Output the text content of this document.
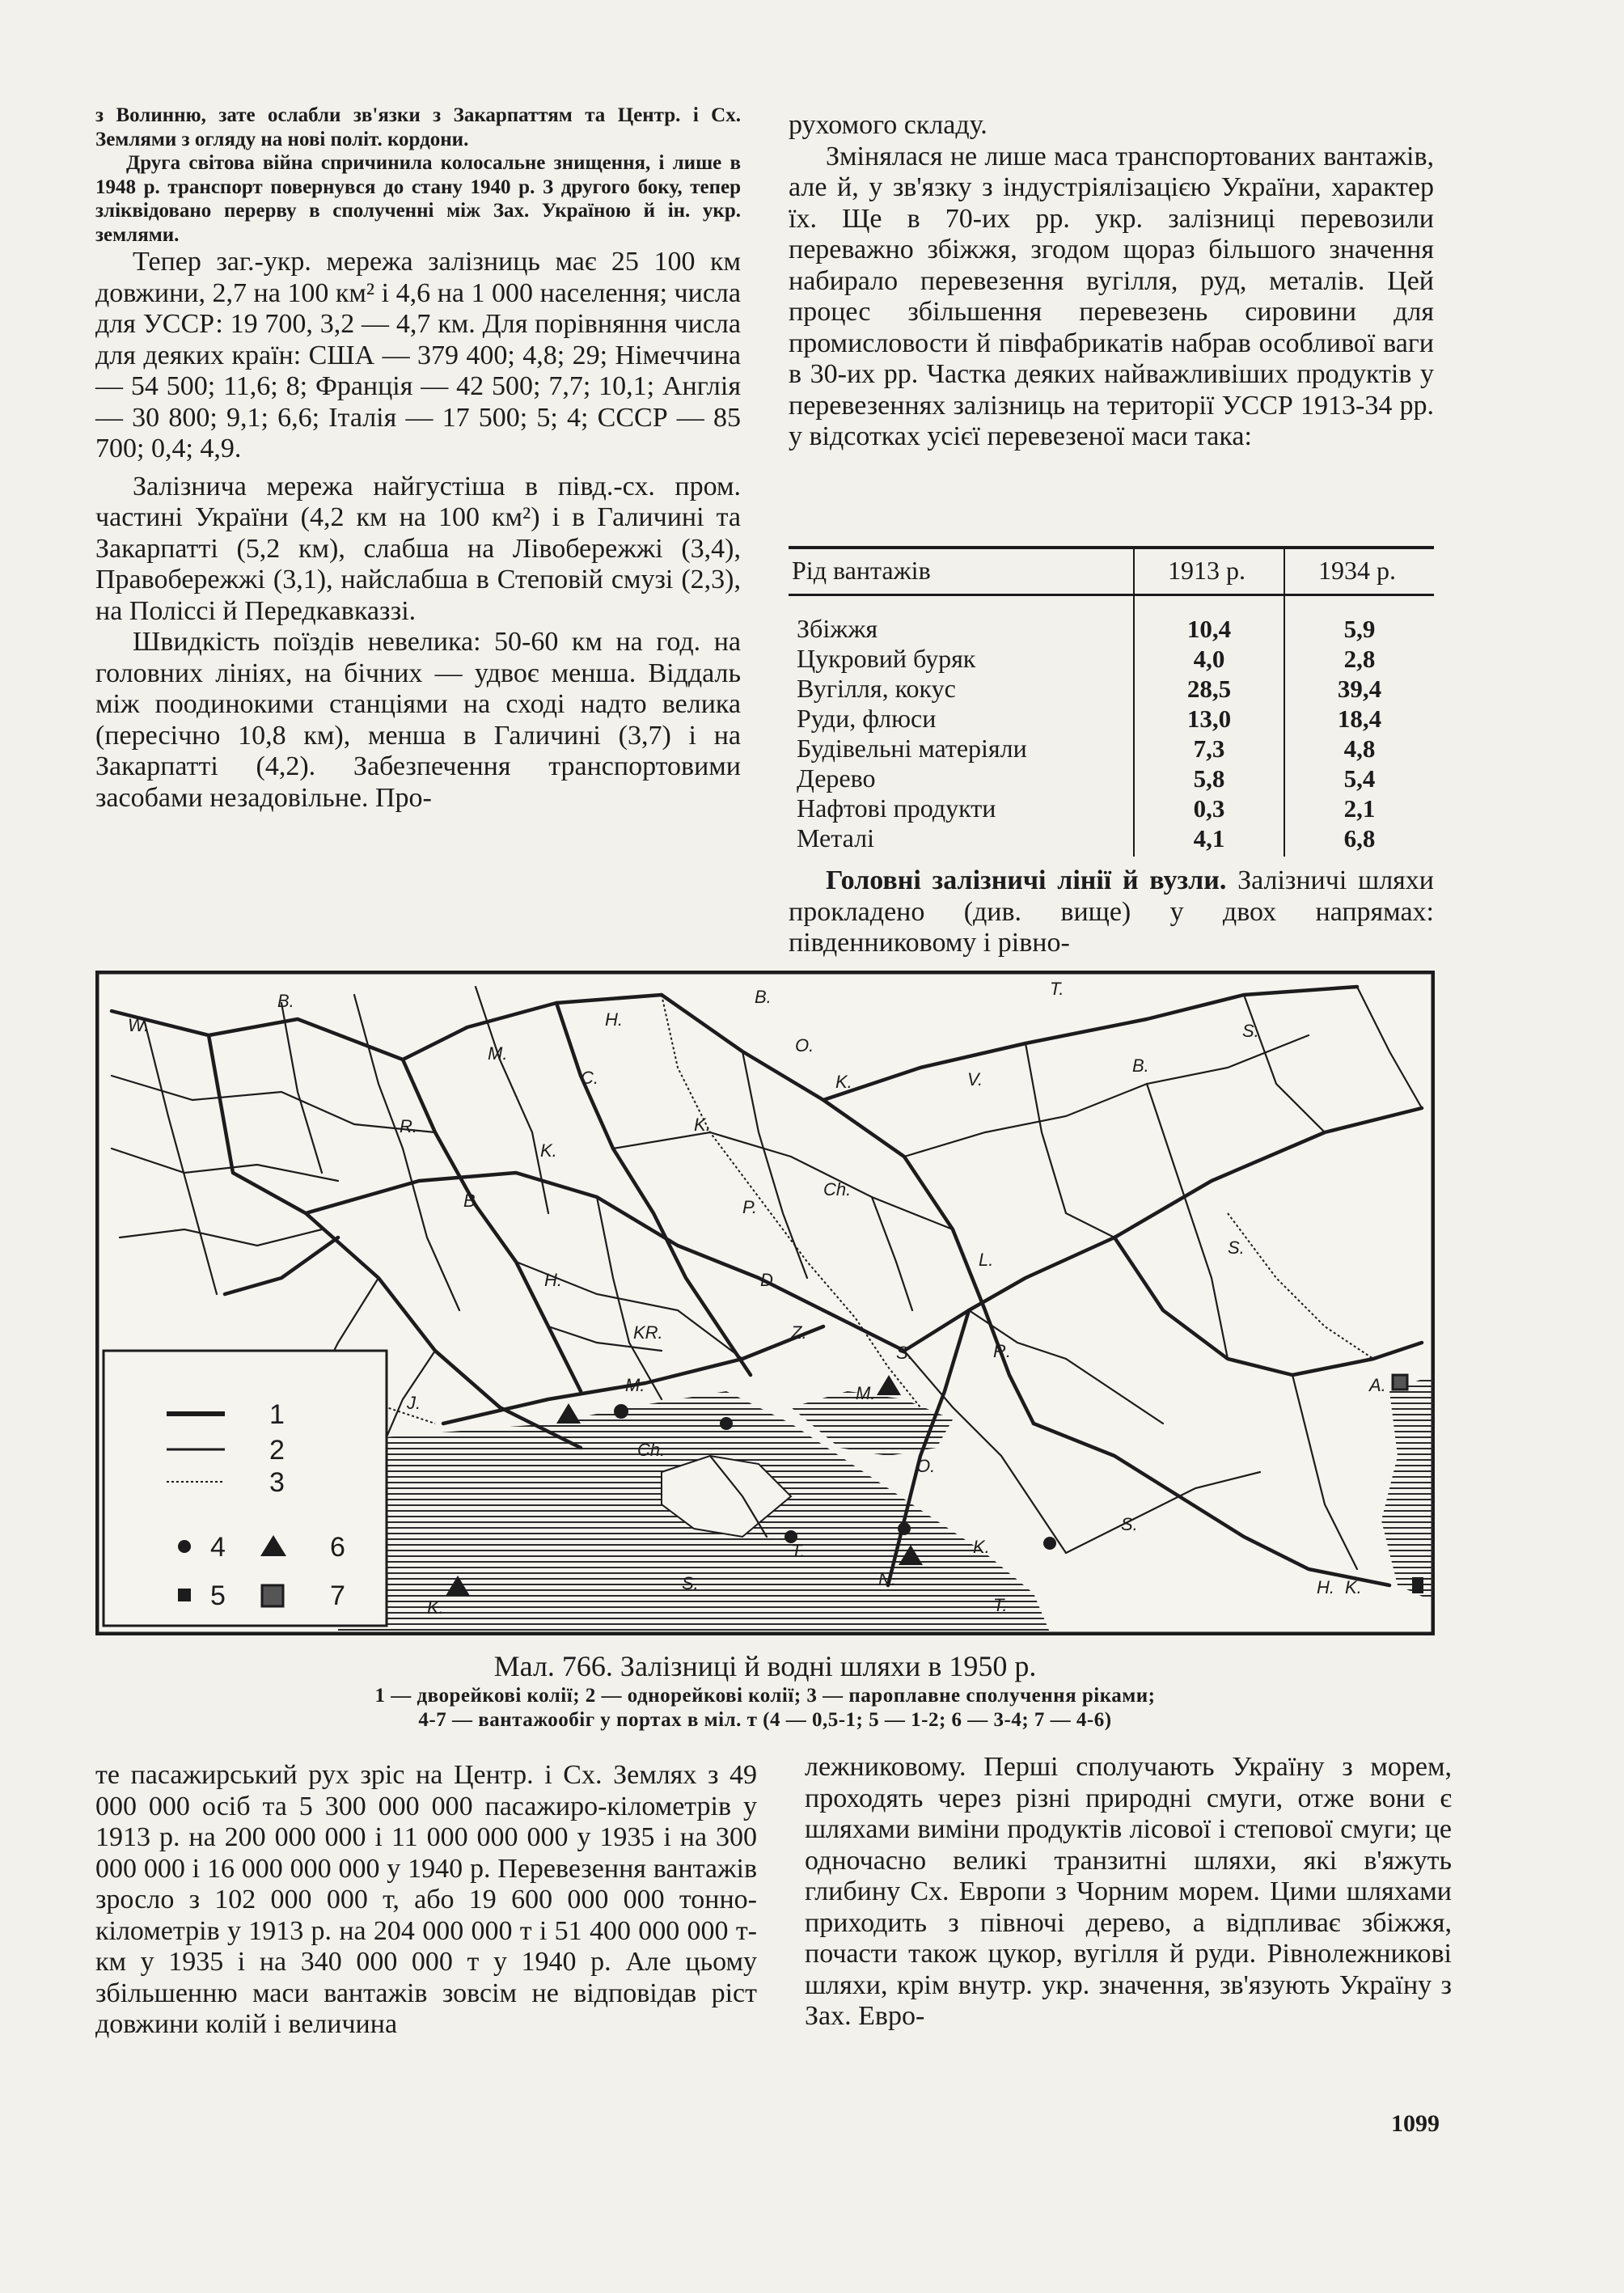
з Волинню, зате ослабли зв'язки з Закарпаттям та Центр. і Сх. Землями з огляду на нові політ. кордони.

Друга світова війна спричинила колосальне знищення, і лише в 1948 р. транспорт повернувся до стану 1940 р. З другого боку, тепер зліквідовано перерву в сполученні між Зах. Україною й ін. укр. землями.

Тепер заг.-укр. мережа залізниць має 25 100 км довжини, 2,7 на 100 км² і 4,6 на 1 000 населення; числа для УССР: 19 700, 3,2 — 4,7 км. Для порівняння числа для деяких країн: США — 379 400; 4,8; 29; Німеччина — 54 500; 11,6; 8; Франція — 42 500; 7,7; 10,1; Англія — 30 800; 9,1; 6,6; Італія — 17 500; 5; 4; СССР — 85 700; 0,4; 4,9.

Залізнича мережа найгустіша в півд.-сх. пром. частині України (4,2 км на 100 км²) і в Галичині та Закарпатті (5,2 км), слабша на Лівобережжі (3,4), Правобережжі (3,1), найслабша в Степовій смузі (2,3), на Поліссі й Передкавказзі.

Швидкість поїздів невелика: 50-60 км на год. на головних лініях, на бічних — удвоє менша. Віддаль між поодинокими станціями на сході надто велика (пересічно 10,8 км), менша в Галичині (3,7) і на Закарпатті (4,2). Забезпечення транспортовими засобами незадовільне. Про-

рухомого складу.

Змінялася не лише маса транспортованих вантажів, але й, у зв'язку з індустріялізацією України, характер їх. Ще в 70-их рр. укр. залізниці перевозили переважно збіжжя, згодом щораз більшого значення набирало перевезення вугілля, руд, металів. Цей процес збільшення перевезень сировини для промисловости й півфабрикатів набрав особливої ваги в 30-их рр. Частка деяких найважливіших продуктів у перевезеннях залізниць на території УССР 1913-34 рр. у відсотках усієї перевезеної маси така:

Рід вантажів	1913 р.	1934 р.
Збіжжя	10,4	5,9
Цукровий буряк	4,0	2,8
Вугілля, кокус	28,5	39,4
Руди, флюси	13,0	18,4
Будівельні матеріяли	7,3	4,8
Дерево	5,8	5,4
Нафтові продукти	0,3	2,1
Металі	4,1	6,8

Головні залізничі лінії й вузли. Залізничі шляхи прокладено (див. вище) у двох напрямах: південниковому і рівно-

B.
W.	H.
B.
O.
T.
S.
M.
C.	K.	V.
B.
R.	K.
K.
B.	P.
Ch.
S.
H.	D.
L.
KR.	Z.
S.	R.
M.
J.
Ch.
A.
M.
S.
O.
K.
T.
N.
S.	H. K.
K.	T.
1
2
3
4	6
5	7
Мал. 766. Залізниці й водні шляхи в 1950 р.
1 — дворейкові колії; 2 — однорейкові колії; 3 — пароплавне сполучення ріками;
4-7 — вантажообіг у портах в міл. т (4 — 0,5-1; 5 — 1-2; 6 — 3-4; 7 — 4-6)

те пасажирський рух зріс на Центр. і Сх. Землях з 49 000 000 осіб та 5 300 000 000 пасажиро-кілометрів у 1913 р. на 200 000 000 і 11 000 000 000 у 1935 і на 300 000 000 і 16 000 000 000 у 1940 р. Перевезення вантажів зросло з 102 000 000 т, або 19 600 000 000 тонно-кілометрів у 1913 р. на 204 000 000 т і 51 400 000 000 т-км у 1935 і на 340 000 000 т у 1940 р. Але цьому збільшенню маси вантажів зовсім не відповідав ріст довжини колій і величина

лежниковому. Перші сполучають Україну з морем, проходять через різні природні смуги, отже вони є шляхами виміни продуктів лісової і степової смуги; це одночасно великі транзитні шляхи, які в'яжуть глибину Сх. Европи з Чорним морем. Цими шляхами приходить з півночі дерево, а відпливає збіжжя, почасти також цукор, вугілля й руди. Рівнолежникові шляхи, крім внутр. укр. значення, зв'язують Україну з Зах. Евро-

1099
